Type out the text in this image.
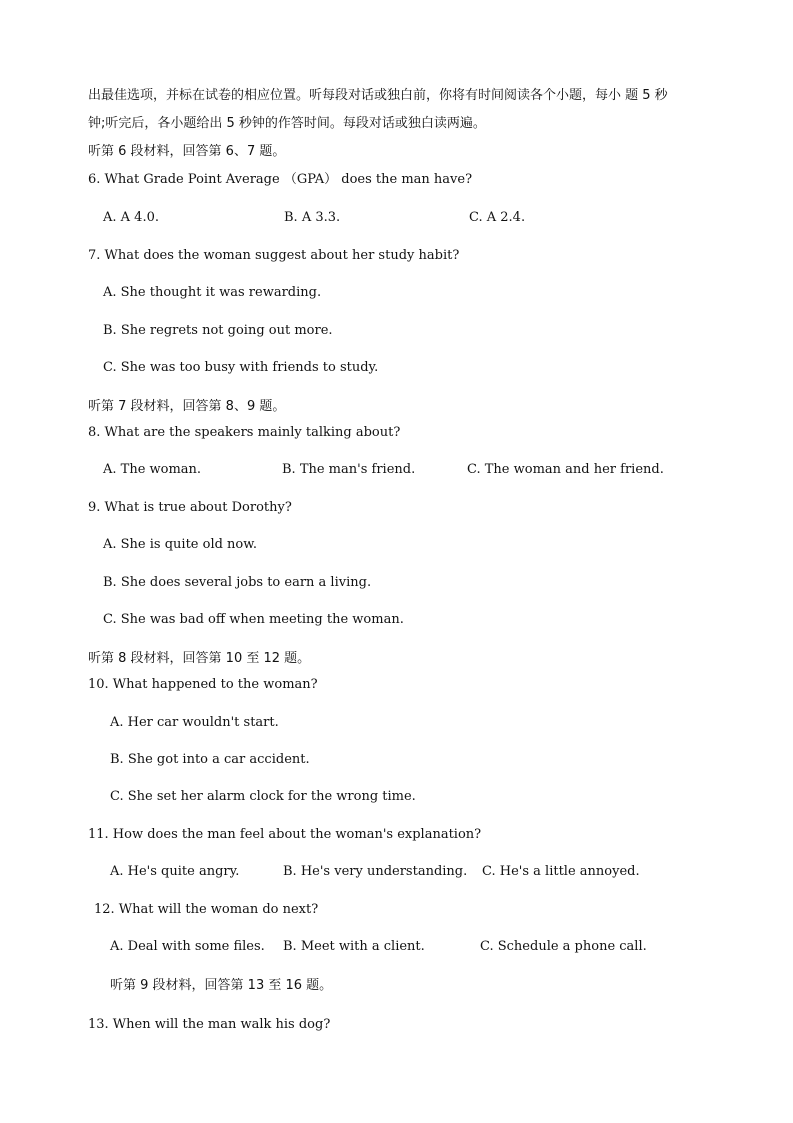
出最佳选项，并标在试卷的相应位置。听每段对话或独白前，你将有时间阅读各个小题，每小 题 5 秒
钟;听完后，各小题给出 5 秒钟的作答时间。每段对话或独白读两遍。
听第 6 段材料，回答第 6、7 题。
6. What Grade Point Average （GPA） does the man have?
A. A 4.0.	B. A 3.3.	C. A 2.4.
7. What does the woman suggest about her study habit?
A. She thought it was rewarding.
B. She regrets not going out more.
C. She was too busy with friends to study.
听第 7 段材料，回答第 8、9 题。
8. What are the speakers mainly talking about?
A. The woman.	B. The man's friend.	C. The woman and her friend.
9. What is true about Dorothy?
A. She is quite old now.
B. She does several jobs to earn a living.
C. She was bad off when meeting the woman.
听第 8 段材料，回答第 10 至 12 题。
10. What happened to the woman?
A. Her car wouldn't start.
B. She got into a car accident.
C. She set her alarm clock for the wrong time.
11. How does the man feel about the woman's explanation?
A. He's quite angry.	B. He's very understanding. C. He's a little annoyed.
12. What will the woman do next?
A. Deal with some files. B. Meet with a client.	C. Schedule a phone call.
听第 9 段材料，回答第 13 至 16 题。
13. When will the man walk his dog?
